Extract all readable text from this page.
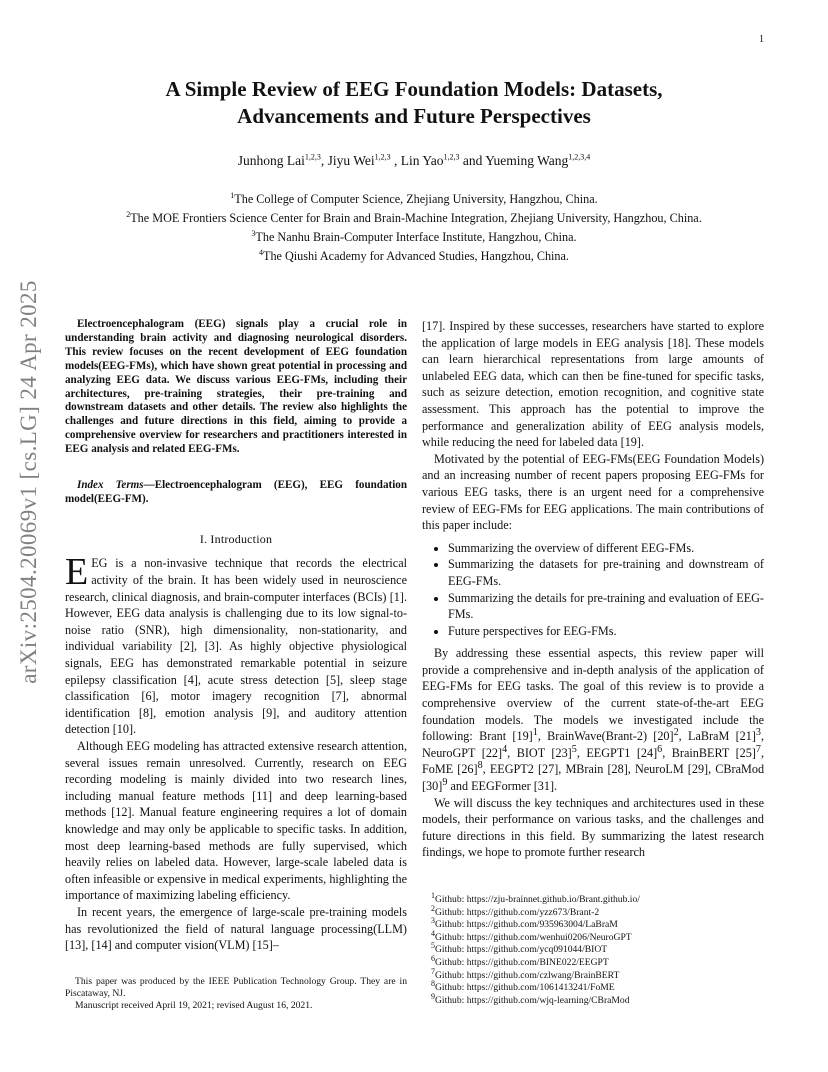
1
arXiv:2504.20069v1 [cs.LG] 24 Apr 2025
A Simple Review of EEG Foundation Models: Datasets,
Advancements and Future Perspectives
Junhong Lai$^{1,2,3}$, Jiyu Wei$^{1,2,3}$ , Lin Yao$^{1,2,3}$ and Yueming Wang$^{1,2,3,4}$
$^1$The College of Computer Science, Zhejiang University, Hangzhou, China.
$^2$The MOE Frontiers Science Center for Brain and Brain-Machine Integration, Zhejiang University, Hangzhou, China.
$^3$The Nanhu Brain-Computer Interface Institute, Hangzhou, China.
$^4$The Qiushi Academy for Advanced Studies, Hangzhou, China.

Electroencephalogram (EEG) signals play a crucial role in understanding brain activity and diagnosing neurological disorders. This review focuses on the recent development of EEG foundation models(EEG-FMs), which have shown great potential in processing and analyzing EEG data. We discuss various EEG-FMs, including their architectures, pre-training strategies, their pre-training and downstream datasets and other details. The review also highlights the challenges and future directions in this field, aiming to provide a comprehensive overview for researchers and practitioners interested in EEG analysis and related EEG-FMs.

Index Terms—Electroencephalogram (EEG), EEG foundation model(EEG-FM).

I. Introduction

EEG is a non-invasive technique that records the electrical activity of the brain. It has been widely used in neuroscience research, clinical diagnosis, and brain-computer interfaces (BCIs) [1]. However, EEG data analysis is challenging due to its low signal-to-noise ratio (SNR), high dimensionality, non-stationarity, and individual variability [2], [3]. As highly objective physiological signals, EEG has demonstrated remarkable potential in seizure epilepsy classification [4], acute stress detection [5], sleep stage classification [6], motor imagery recognition [7], abnormal identification [8], emotion analysis [9], and auditory attention detection [10].

Although EEG modeling has attracted extensive research attention, several issues remain unresolved. Currently, research on EEG recording modeling is mainly divided into two research lines, including manual feature methods [11] and deep learning-based methods [12]. Manual feature engineering requires a lot of domain knowledge and may only be applicable to specific tasks. In addition, most deep learning-based methods are fully supervised, which heavily relies on labeled data. However, large-scale labeled data is often infeasible or expensive in medical experiments, highlighting the importance of maximizing labeling efficiency.

In recent years, the emergence of large-scale pre-training models has revolutionized the field of natural language processing(LLM) [13], [14] and computer vision(VLM) [15]–

[17]. Inspired by these successes, researchers have started to explore the application of large models in EEG analysis [18]. These models can learn hierarchical representations from large amounts of unlabeled EEG data, which can then be fine-tuned for specific tasks, such as seizure detection, emotion recognition, and cognitive state assessment. This approach has the potential to improve the performance and generalization ability of EEG analysis models, while reducing the need for labeled data [19].

Motivated by the potential of EEG-FMs(EEG Foundation Models) and an increasing number of recent papers proposing EEG-FMs for various EEG tasks, there is an urgent need for a comprehensive review of EEG-FMs for EEG applications. The main contributions of this paper include:

• Summarizing the overview of different EEG-FMs.
• Summarizing the datasets for pre-training and downstream of EEG-FMs.
• Summarizing the details for pre-training and evaluation of EEG-FMs.
• Future perspectives for EEG-FMs.

By addressing these essential aspects, this review paper will provide a comprehensive and in-depth analysis of the application of EEG-FMs for EEG tasks. The goal of this review is to provide a comprehensive overview of the current state-of-the-art EEG foundation models. The models we investigated include the following: Brant $[19]^1$, BrainWave(Brant-2) $[20]^2$, LaBraM $[21]^3$, NeuroGPT $[22]^4$, BIOT $[23]^5$, EEGPT1 $[24]^6$, BrainBERT $[25]^7$, FoME $[26]^8$, EEGPT2 [27], MBrain [28], NeuroLM [29], CBraMod $[30]^9$ and EEGFormer [31].

We will discuss the key techniques and architectures used in these models, their performance on various tasks, and the challenges and future directions in this field. By summarizing the latest research findings, we hope to promote further research

This paper was produced by the IEEE Publication Technology Group. They are in Piscataway, NJ.

Manuscript received April 19, 2021; revised August 16, 2021.

$^1$Github: https://zju-brainnet.github.io/Brant.github.io/
$^2$Github: https://github.com/yzz673/Brant-2
$^3$Github: https://github.com/935963004/LaBraM
$^4$Github: https://github.com/wenhui0206/NeuroGPT
$^5$Github: https://github.com/ycq091044/BIOT
$^6$Github: https://github.com/BINE022/EEGPT
$^7$Github: https://github.com/czlwang/BrainBERT
$^8$Github: https://github.com/1061413241/FoME
$^9$Github: https://github.com/wjq-learning/CBraMod
